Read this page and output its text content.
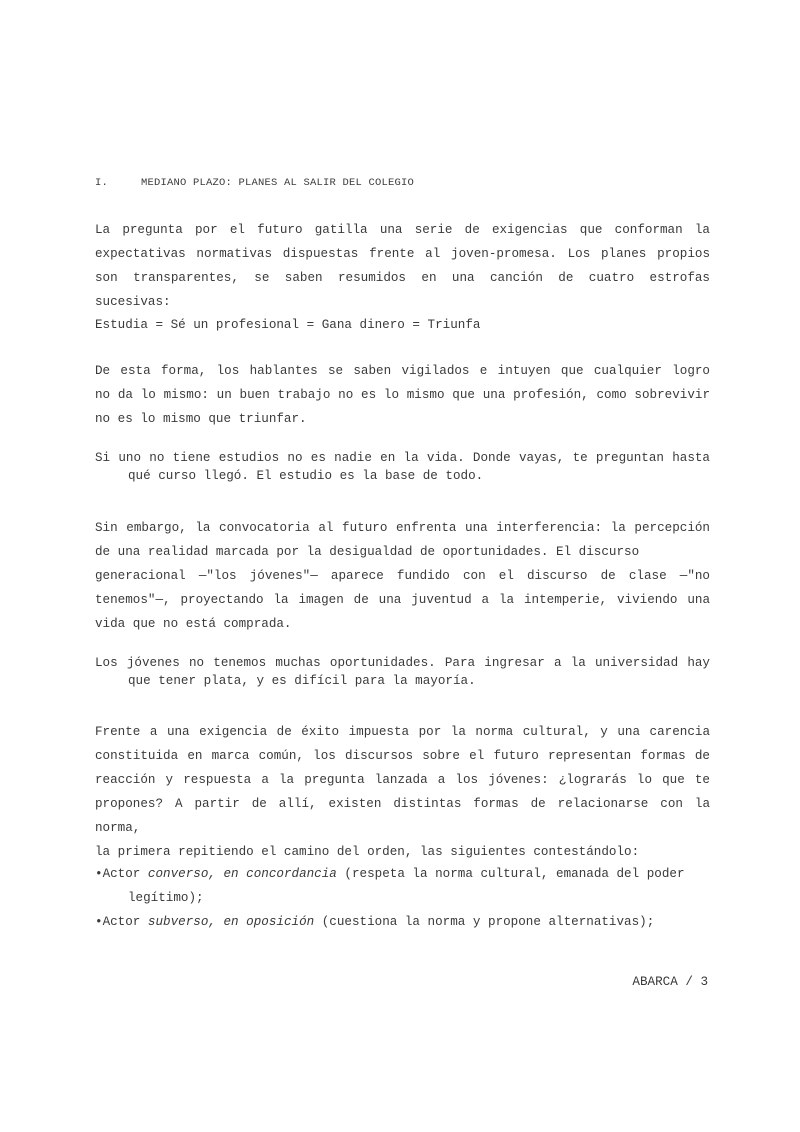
I.	MEDIANO PLAZO: PLANES AL SALIR DEL COLEGIO
La pregunta por el futuro gatilla una serie de exigencias que conforman la
expectativas normativas dispuestas frente al joven-promesa. Los planes propios
son transparentes, se saben resumidos en una canción de cuatro estrofas sucesivas:
Estudia = Sé un profesional = Gana dinero = Triunfa
De esta forma, los hablantes se saben vigilados e intuyen que cualquier logro
no da lo mismo: un buen trabajo no es lo mismo que una profesión, como sobrevivir
no es lo mismo que triunfar.
Si uno no tiene estudios no es nadie en la vida. Donde vayas, te preguntan hasta
qué curso llegó. El estudio es la base de todo.
Sin embargo, la convocatoria al futuro enfrenta una interferencia: la percepción
de una realidad marcada por la desigualdad de oportunidades. El discurso
generacional —"los jóvenes"— aparece fundido con el discurso de clase —"no
tenemos"—, proyectando la imagen de una juventud a la intemperie, viviendo una
vida que no está comprada.
Los jóvenes no tenemos muchas oportunidades. Para ingresar a la universidad hay
que tener plata, y es difícil para la mayoría.
Frente a una exigencia de éxito impuesta por la norma cultural, y una carencia
constituida en marca común, los discursos sobre el futuro representan formas de
reacción y respuesta a la pregunta lanzada a los jóvenes: ¿lograrás lo que te
propones? A partir de allí, existen distintas formas de relacionarse con la norma,
la primera repitiendo el camino del orden, las siguientes contestándolo:
•Actor converso, en concordancia (respeta la norma cultural, emanada del poder
legítimo);
•Actor subverso, en oposición (cuestiona la norma y propone alternativas);
ABARCA / 3
